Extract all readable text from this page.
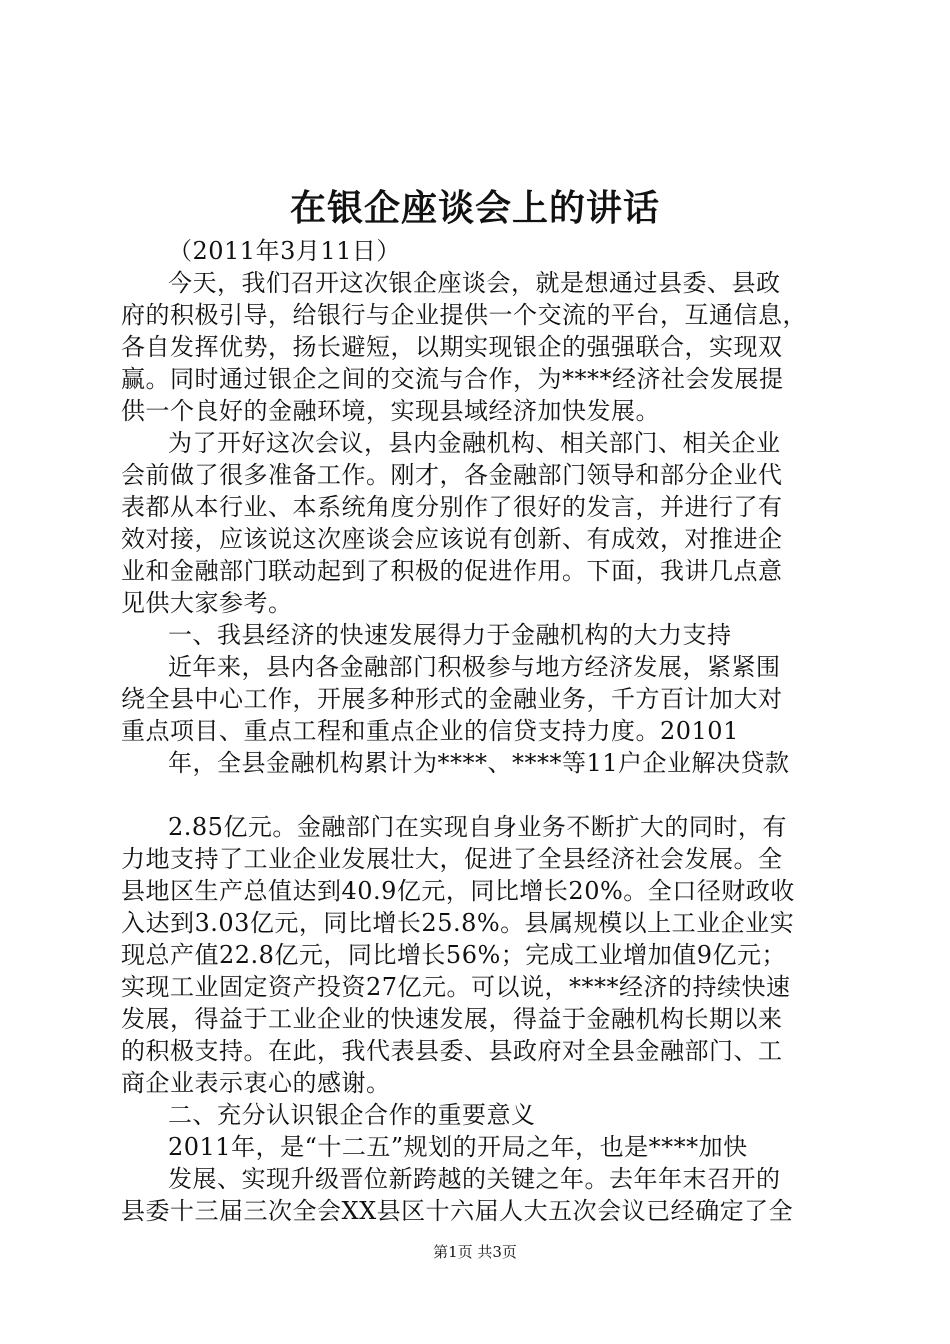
在银企座谈会上的讲话
（2011年3月11日）
今天，我们召开这次银企座谈会，就是想通过县委、县政
府的积极引导，给银行与企业提供一个交流的平台，互通信息，
各自发挥优势，扬长避短，以期实现银企的强强联合，实现双
赢。同时通过银企之间的交流与合作，为****经济社会发展提
供一个良好的金融环境，实现县域经济加快发展。
为了开好这次会议，县内金融机构、相关部门、相关企业
会前做了很多准备工作。刚才，各金融部门领导和部分企业代
表都从本行业、本系统角度分别作了很好的发言，并进行了有
效对接，应该说这次座谈会应该说有创新、有成效，对推进企
业和金融部门联动起到了积极的促进作用。下面，我讲几点意
见供大家参考。
一、我县经济的快速发展得力于金融机构的大力支持
近年来，县内各金融部门积极参与地方经济发展，紧紧围
绕全县中心工作，开展多种形式的金融业务，千方百计加大对
重点项目、重点工程和重点企业的信贷支持力度。20101
年，全县金融机构累计为****、****等11户企业解决贷款
2.85亿元。金融部门在实现自身业务不断扩大的同时，有
力地支持了工业企业发展壮大，促进了全县经济社会发展。全
县地区生产总值达到40.9亿元，同比增长20%。全口径财政收
入达到3.03亿元，同比增长25.8%。县属规模以上工业企业实
现总产值22.8亿元，同比增长56%；完成工业增加值9亿元；
实现工业固定资产投资27亿元。可以说，****经济的持续快速
发展，得益于工业企业的快速发展，得益于金融机构长期以来
的积极支持。在此，我代表县委、县政府对全县金融部门、工
商企业表示衷心的感谢。
二、充分认识银企合作的重要意义
2011年，是“十二五”规划的开局之年，也是****加快
发展、实现升级晋位新跨越的关键之年。去年年末召开的
县委十三届三次全会XX县区十六届人大五次会议已经确定了全
第1页 共3页
